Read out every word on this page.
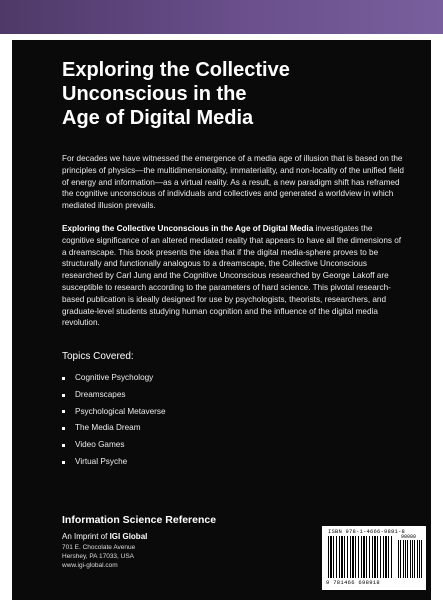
Exploring the Collective
Unconscious in the
Age of Digital Media

For decades we have witnessed the emergence of a media age of illusion that is based on the principles of physics—the multidimensionality, immateriality, and non-locality of the unified field of energy and information—as a virtual reality. As a result, a new paradigm shift has reframed the cognitive unconscious of individuals and collectives and generated a worldview in which mediated illusion prevails.

Exploring the Collective Unconscious in the Age of Digital Media investigates the cognitive significance of an altered mediated reality that appears to have all the dimensions of a dreamscape. This book presents the idea that if the digital media-sphere proves to be structurally and functionally analogous to a dreamscape, the Collective Unconscious researched by Carl Jung and the Cognitive Unconscious researched by George Lakoff are susceptible to research according to the parameters of hard science. This pivotal research-based publication is ideally designed for use by psychologists, theorists, researchers, and graduate-level students studying human cognition and the influence of the digital media revolution.

Topics Covered:
Cognitive Psychology
Dreamscapes
Psychological Metaverse
The Media Dream
Video Games
Virtual Psyche

Information Science Reference

An Imprint of IGI Global

701 E. Chocolate Avenue

Hershey, PA 17033, USA

www.igi-global.com

ISBN 978-1-4666-9891-8
90000
9 781466 698918
